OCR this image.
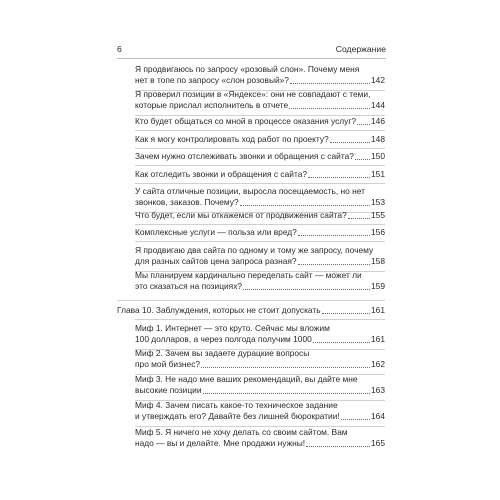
6	Содержание
Я продвигаюсь по запросу «розовый слон». Почему меня
нет в топе по запросу «слон розовый»?	142
Я проверил позиции в «Яндексе»: они не совпадают с теми,
которые прислал исполнитель в отчете	144
Кто будет общаться со мной в процессе оказания услуг? 146
Как я могу контролировать ход работ по проекту?	148
Зачем нужно отслеживать звонки и обращения с сайта? 150
Как отследить звонки и обращения с сайта?	151
У сайта отличные позиции, выросла посещаемость, но нет
звонков, заказов. Почему?	153
Что будет, если мы откажемся от продвижения сайта?	155
Комплексные услуги — польза или вред?	156
Я продвигаю два сайта по одному и тому же запросу, почему
для разных сайтов цена запроса разная?	158
Мы планируем кардинально переделать сайт — может ли
это сказаться на позициях?	159
Глава 10. Заблуждения, которых не стоит допускать	161
Миф 1. Интернет — это круто. Сейчас мы вложим
100 долларов, а через полгода получим 1000	161
Миф 2. Зачем вы задаете дурацкие вопросы
про мой бизнес?	162
Миф 3. Не надо мне ваших рекомендаций, вы дайте мне
высокие позиции	163
Миф 4. Зачем писать какое-то техническое задание
и утверждать его? Давайте без лишней бюрократии!	164
Миф 5. Я ничего не хочу делать со своим сайтом. Вам
надо — вы и делайте. Мне продажи нужны!	165
